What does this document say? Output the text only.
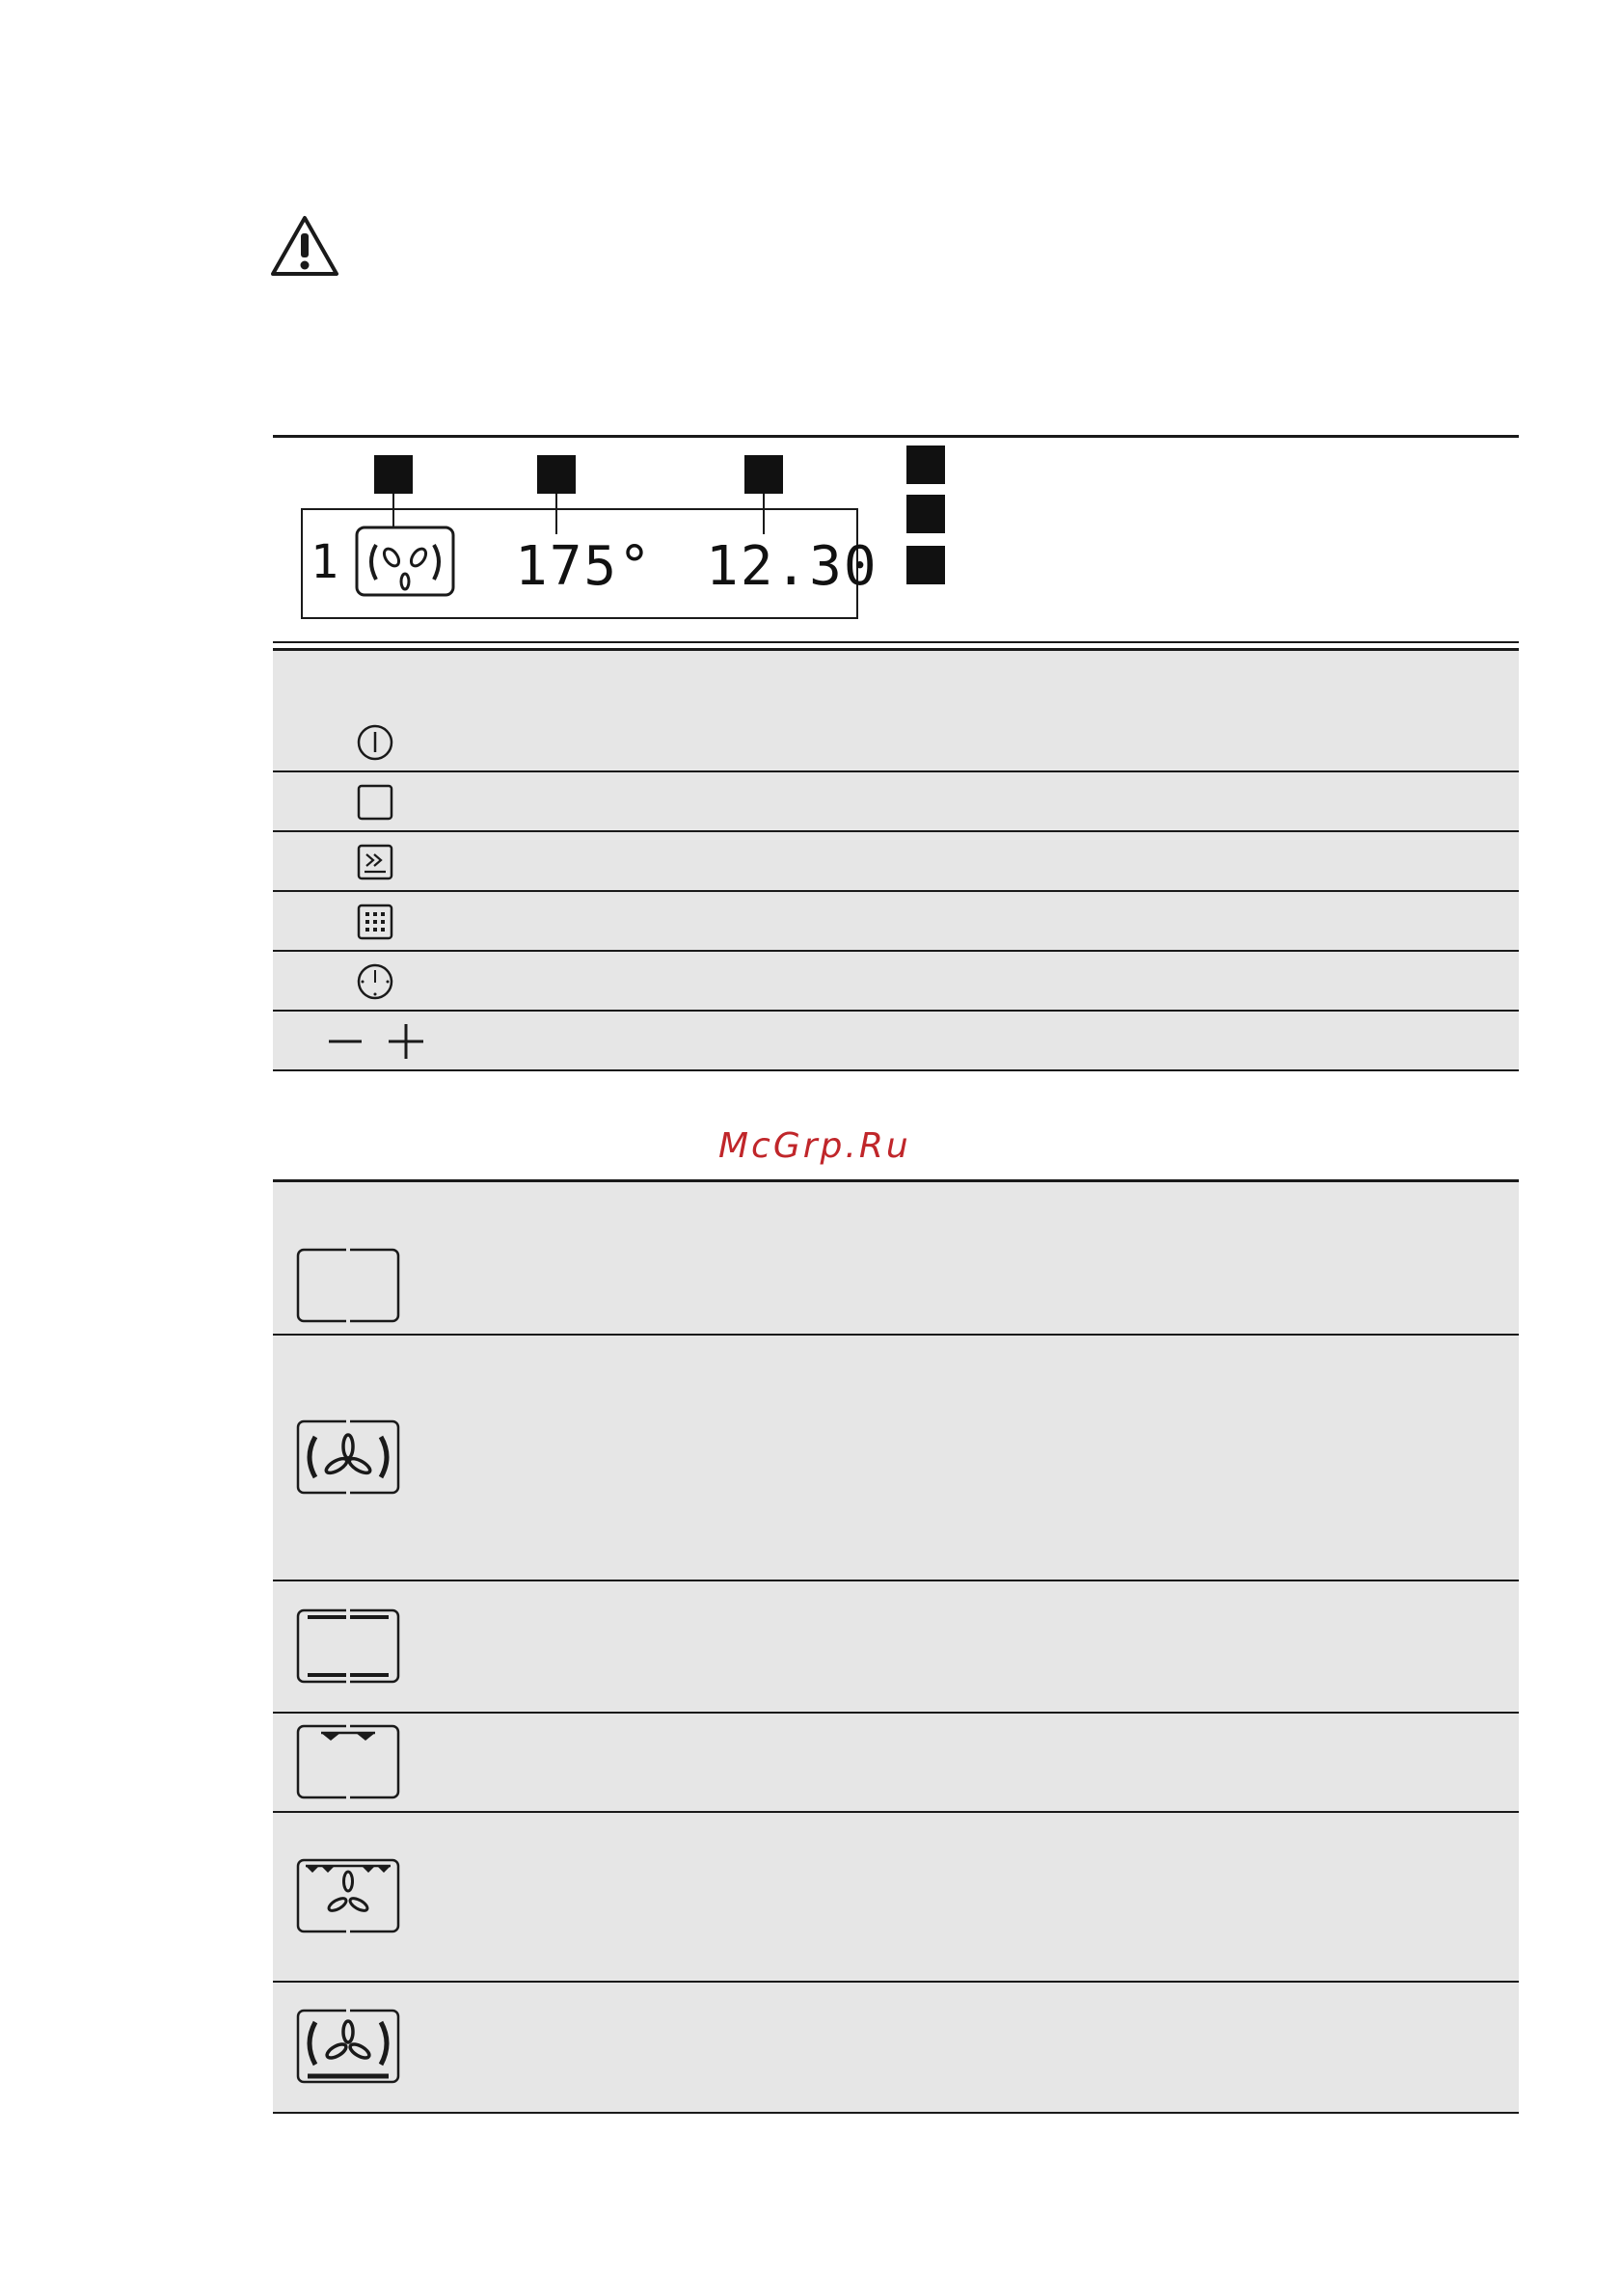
1	175° 12.30
McGrp.Ru
